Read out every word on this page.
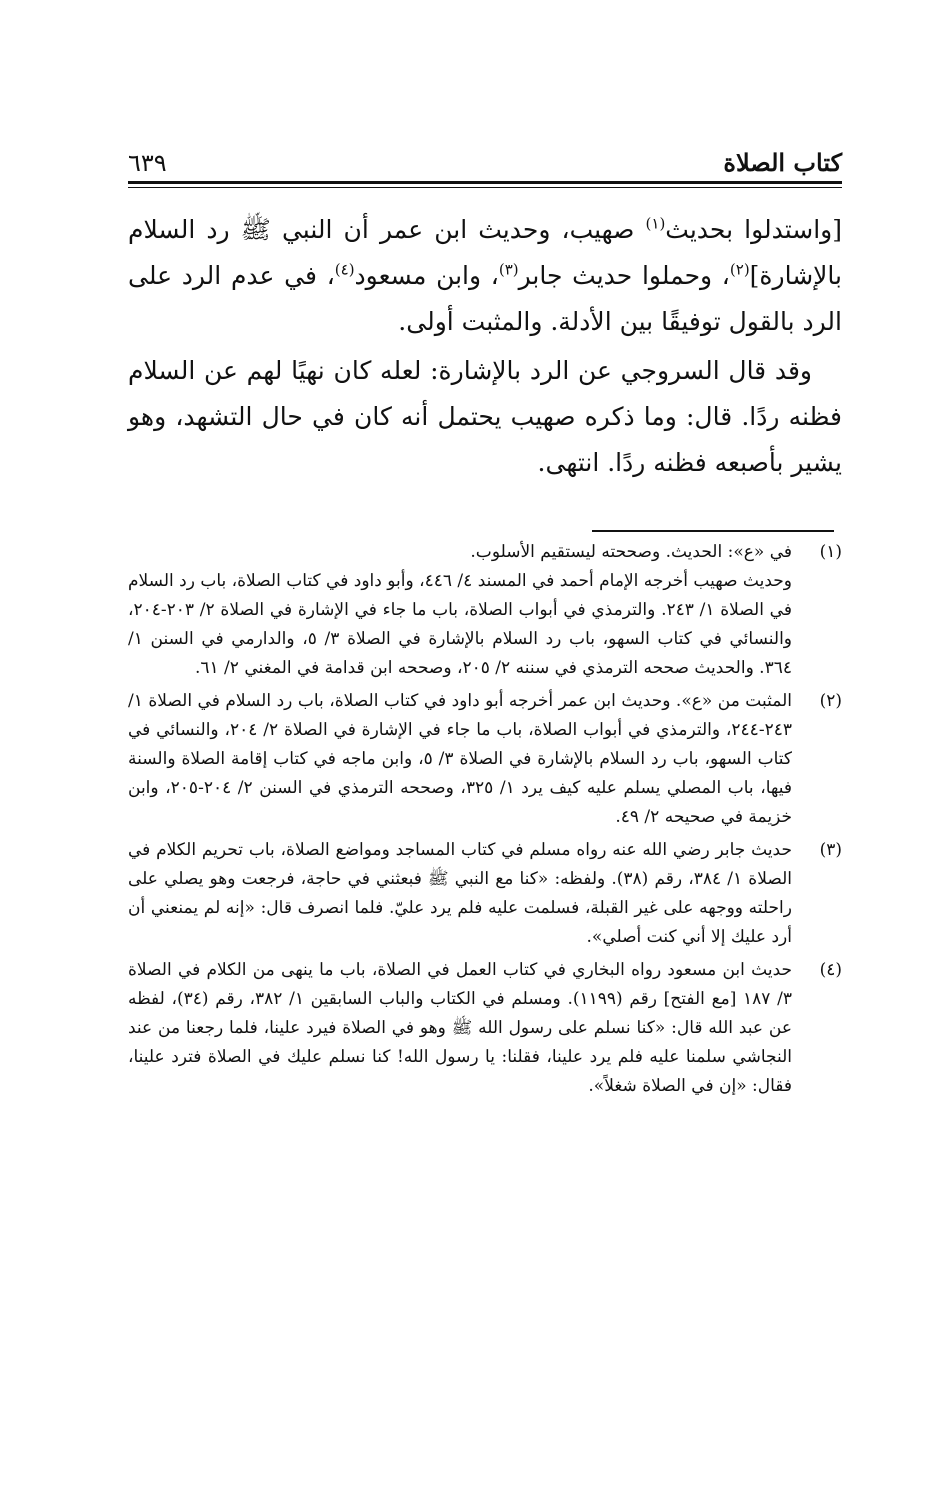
كتاب الصلاة
٦٣٩

[واستدلوا بحديث$^{(١)}$ صهيب، وحديث ابن عمر أن النبي ﷺ رد السلام بالإشارة]$^{(٢)}$، وحملوا حديث جابر$^{(٣)}$، وابن مسعود$^{(٤)}$، في عدم الرد على الرد بالقول توفيقًا بين الأدلة. والمثبت أولى.

وقد قال السروجي عن الرد بالإشارة: لعله كان نهيًا لهم عن السلام فظنه ردًا. قال: وما ذكره صهيب يحتمل أنه كان في حال التشهد، وهو يشير بأصبعه فظنه ردًا. انتهى.

(١)

في «ع»: الحديث. وصححته ليستقيم الأسلوب.

وحديث صهيب أخرجه الإمام أحمد في المسند ٤/ ٤٤٦، وأبو داود في كتاب الصلاة، باب رد السلام في الصلاة ١/ ٢٤٣. والترمذي في أبواب الصلاة، باب ما جاء في الإشارة في الصلاة ٢/ ٢٠٣-٢٠٤، والنسائي في كتاب السهو، باب رد السلام بالإشارة في الصلاة ٣/ ٥، والدارمي في السنن ١/ ٣٦٤. والحديث صححه الترمذي في سننه ٢/ ٢٠٥، وصححه ابن قدامة في المغني ٢/ ٦١.

(٢)

المثبت من «ع». وحديث ابن عمر أخرجه أبو داود في كتاب الصلاة، باب رد السلام في الصلاة ١/ ٢٤٣-٢٤٤، والترمذي في أبواب الصلاة، باب ما جاء في الإشارة في الصلاة ٢/ ٢٠٤، والنسائي في كتاب السهو، باب رد السلام بالإشارة في الصلاة ٣/ ٥، وابن ماجه في كتاب إقامة الصلاة والسنة فيها، باب المصلي يسلم عليه كيف يرد ١/ ٣٢٥، وصححه الترمذي في السنن ٢/ ٢٠٤-٢٠٥، وابن خزيمة في صحيحه ٢/ ٤٩.

(٣)

حديث جابر رضي الله عنه رواه مسلم في كتاب المساجد ومواضع الصلاة، باب تحريم الكلام في الصلاة ١/ ٣٨٤، رقم (٣٨). ولفظه: «كنا مع النبي ﷺ فبعثني في حاجة، فرجعت وهو يصلي على راحلته ووجهه على غير القبلة، فسلمت عليه فلم يرد عليّ. فلما انصرف قال: «إنه لم يمنعني أن أرد عليك إلا أني كنت أصلي».

(٤)

حديث ابن مسعود رواه البخاري في كتاب العمل في الصلاة، باب ما ينهى من الكلام في الصلاة ٣/ ١٨٧ [مع الفتح] رقم (١١٩٩). ومسلم في الكتاب والباب السابقين ١/ ٣٨٢، رقم (٣٤)، لفظه عن عبد الله قال: «كنا نسلم على رسول الله ﷺ وهو في الصلاة فيرد علينا، فلما رجعنا من عند النجاشي سلمنا عليه فلم يرد علينا، فقلنا: يا رسول الله! كنا نسلم عليك في الصلاة فترد علينا، فقال: «إن في الصلاة شغلاً».
